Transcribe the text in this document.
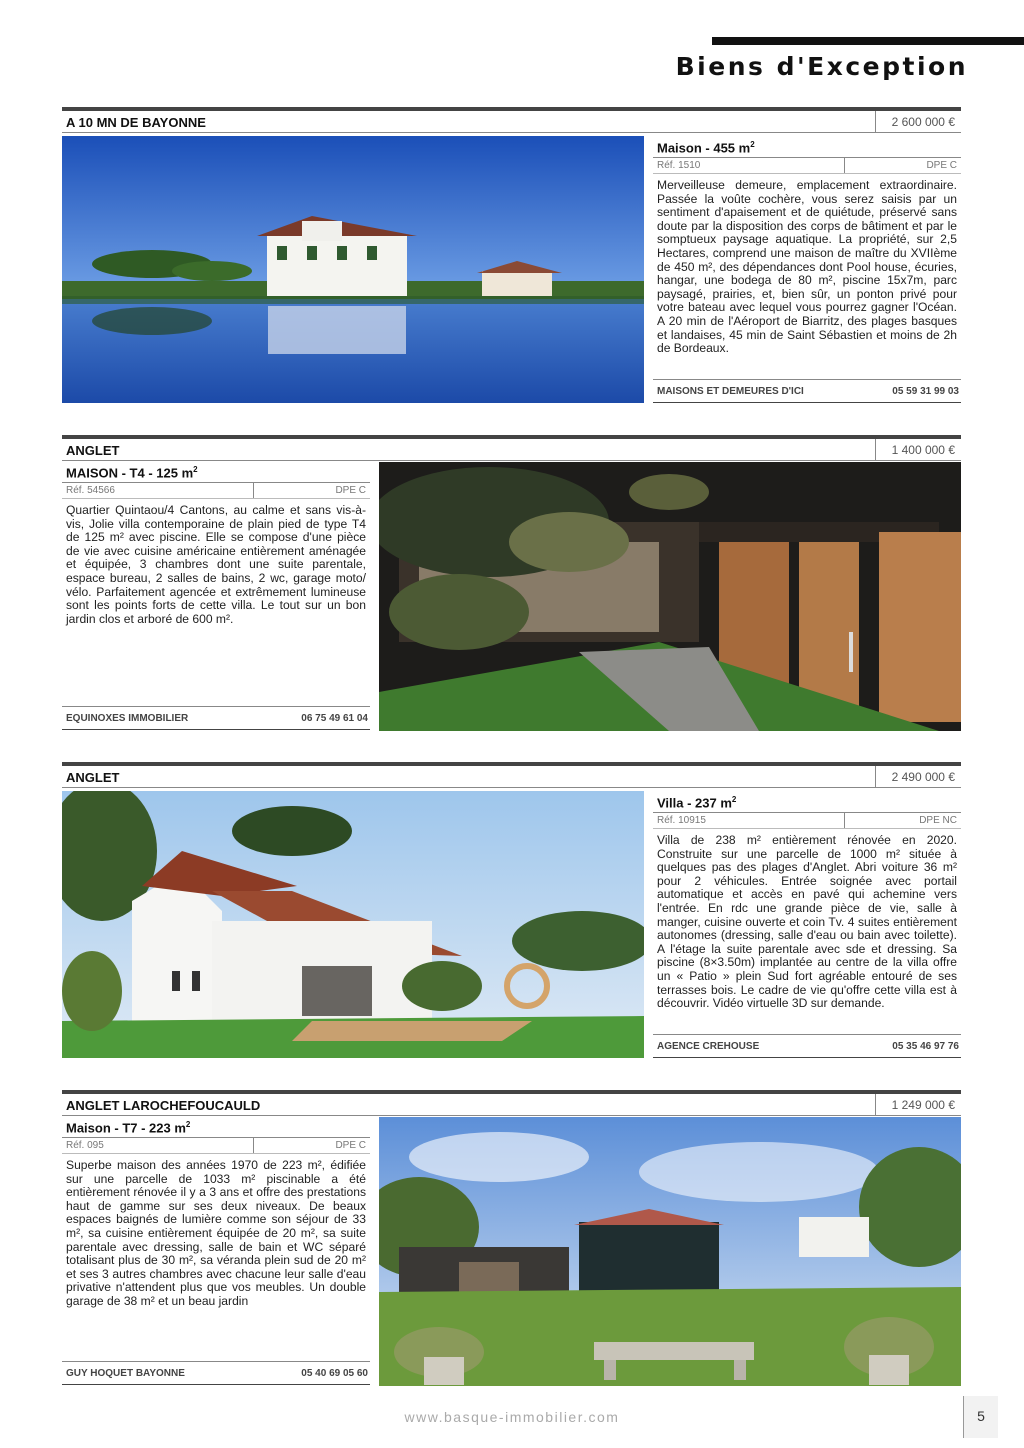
Biens d'Exception
A 10 MN DE BAYONNE	2 600 000 €
Maison - 455 $m^2$
Réf. 1510	DPE C
Merveilleuse demeure, emplacement extraordinaire. Passée la voûte cochère, vous serez saisis par un sentiment d'apaisement et de quiétude, préservé sans doute par la disposition des corps de bâtiment et par le somptueux paysage aquatique. La propriété, sur 2,5 Hectares, comprend une maison de maître du XVIIème de 450 m², des dépendances dont Pool house, écuries, hangar, une bodega de 80 m², piscine 15x7m, parc paysagé, prairies, et, bien sûr, un ponton privé pour votre bateau avec lequel vous pourrez gagner l'Océan. A 20 min de l'Aéroport de Biarritz, des plages basques et landaises, 45 min de Saint Sébastien et moins de 2h de Bordeaux.
MAISONS ET DEMEURES D'ICI	05 59 31 99 03
ANGLET	1 400 000 €
MAISON - T4 - 125 $m^2$
Réf. 54566	DPE C
Quartier Quintaou/4 Cantons, au calme et sans vis-à-vis, Jolie villa contemporaine de plain pied de type T4 de 125 m² avec piscine. Elle se compose d'une pièce de vie avec cuisine américaine entièrement aménagée et équipée, 3 chambres dont une suite parentale, espace bureau, 2 salles de bains, 2 wc, garage moto/ vélo. Parfaitement agencée et extrêmement lumineuse sont les points forts de cette villa. Le tout sur un bon jardin clos et arboré de 600 m².
EQUINOXES IMMOBILIER	06 75 49 61 04
ANGLET	2 490 000 €
Villa - 237 $m^2$
Réf. 10915	DPE NC
Villa de 238 m² entièrement rénovée en 2020. Construite sur une parcelle de 1000 m² située à quelques pas des plages d'Anglet. Abri voiture 36 m² pour 2 véhicules. Entrée soignée avec portail automatique et accès en pavé qui achemine vers l'entrée. En rdc une grande pièce de vie, salle à manger, cuisine ouverte et coin Tv. 4 suites entièrement autonomes (dressing, salle d'eau ou bain avec toilette). A l'étage la suite parentale avec sde et dressing. Sa piscine (8×3.50m) implantée au centre de la villa offre un « Patio » plein Sud fort agréable entouré de ses terrasses bois. Le cadre de vie qu'offre cette villa est à découvrir. Vidéo virtuelle 3D sur demande.
AGENCE CREHOUSE	05 35 46 97 76
ANGLET LAROCHEFOUCAULD	1 249 000 €
Maison - T7 - 223 $m^2$
Réf. 095	DPE C
Superbe maison des années 1970 de 223 m², édifiée sur une parcelle de 1033 m² piscinable a été entièrement rénovée il y a 3 ans et offre des prestations haut de gamme sur ses deux niveaux. De beaux espaces baignés de lumière comme son séjour de 33 m², sa cuisine entièrement équipée de 20 m², sa suite parentale avec dressing, salle de bain et WC séparé totalisant plus de 30 m², sa véranda plein sud de 20 m² et ses 3 autres chambres avec chacune leur salle d'eau privative n'attendent plus que vos meubles. Un double garage de 38 m² et un beau jardin
GUY HOQUET BAYONNE	05 40 69 05 60
www.basque-immobilier.com	5
